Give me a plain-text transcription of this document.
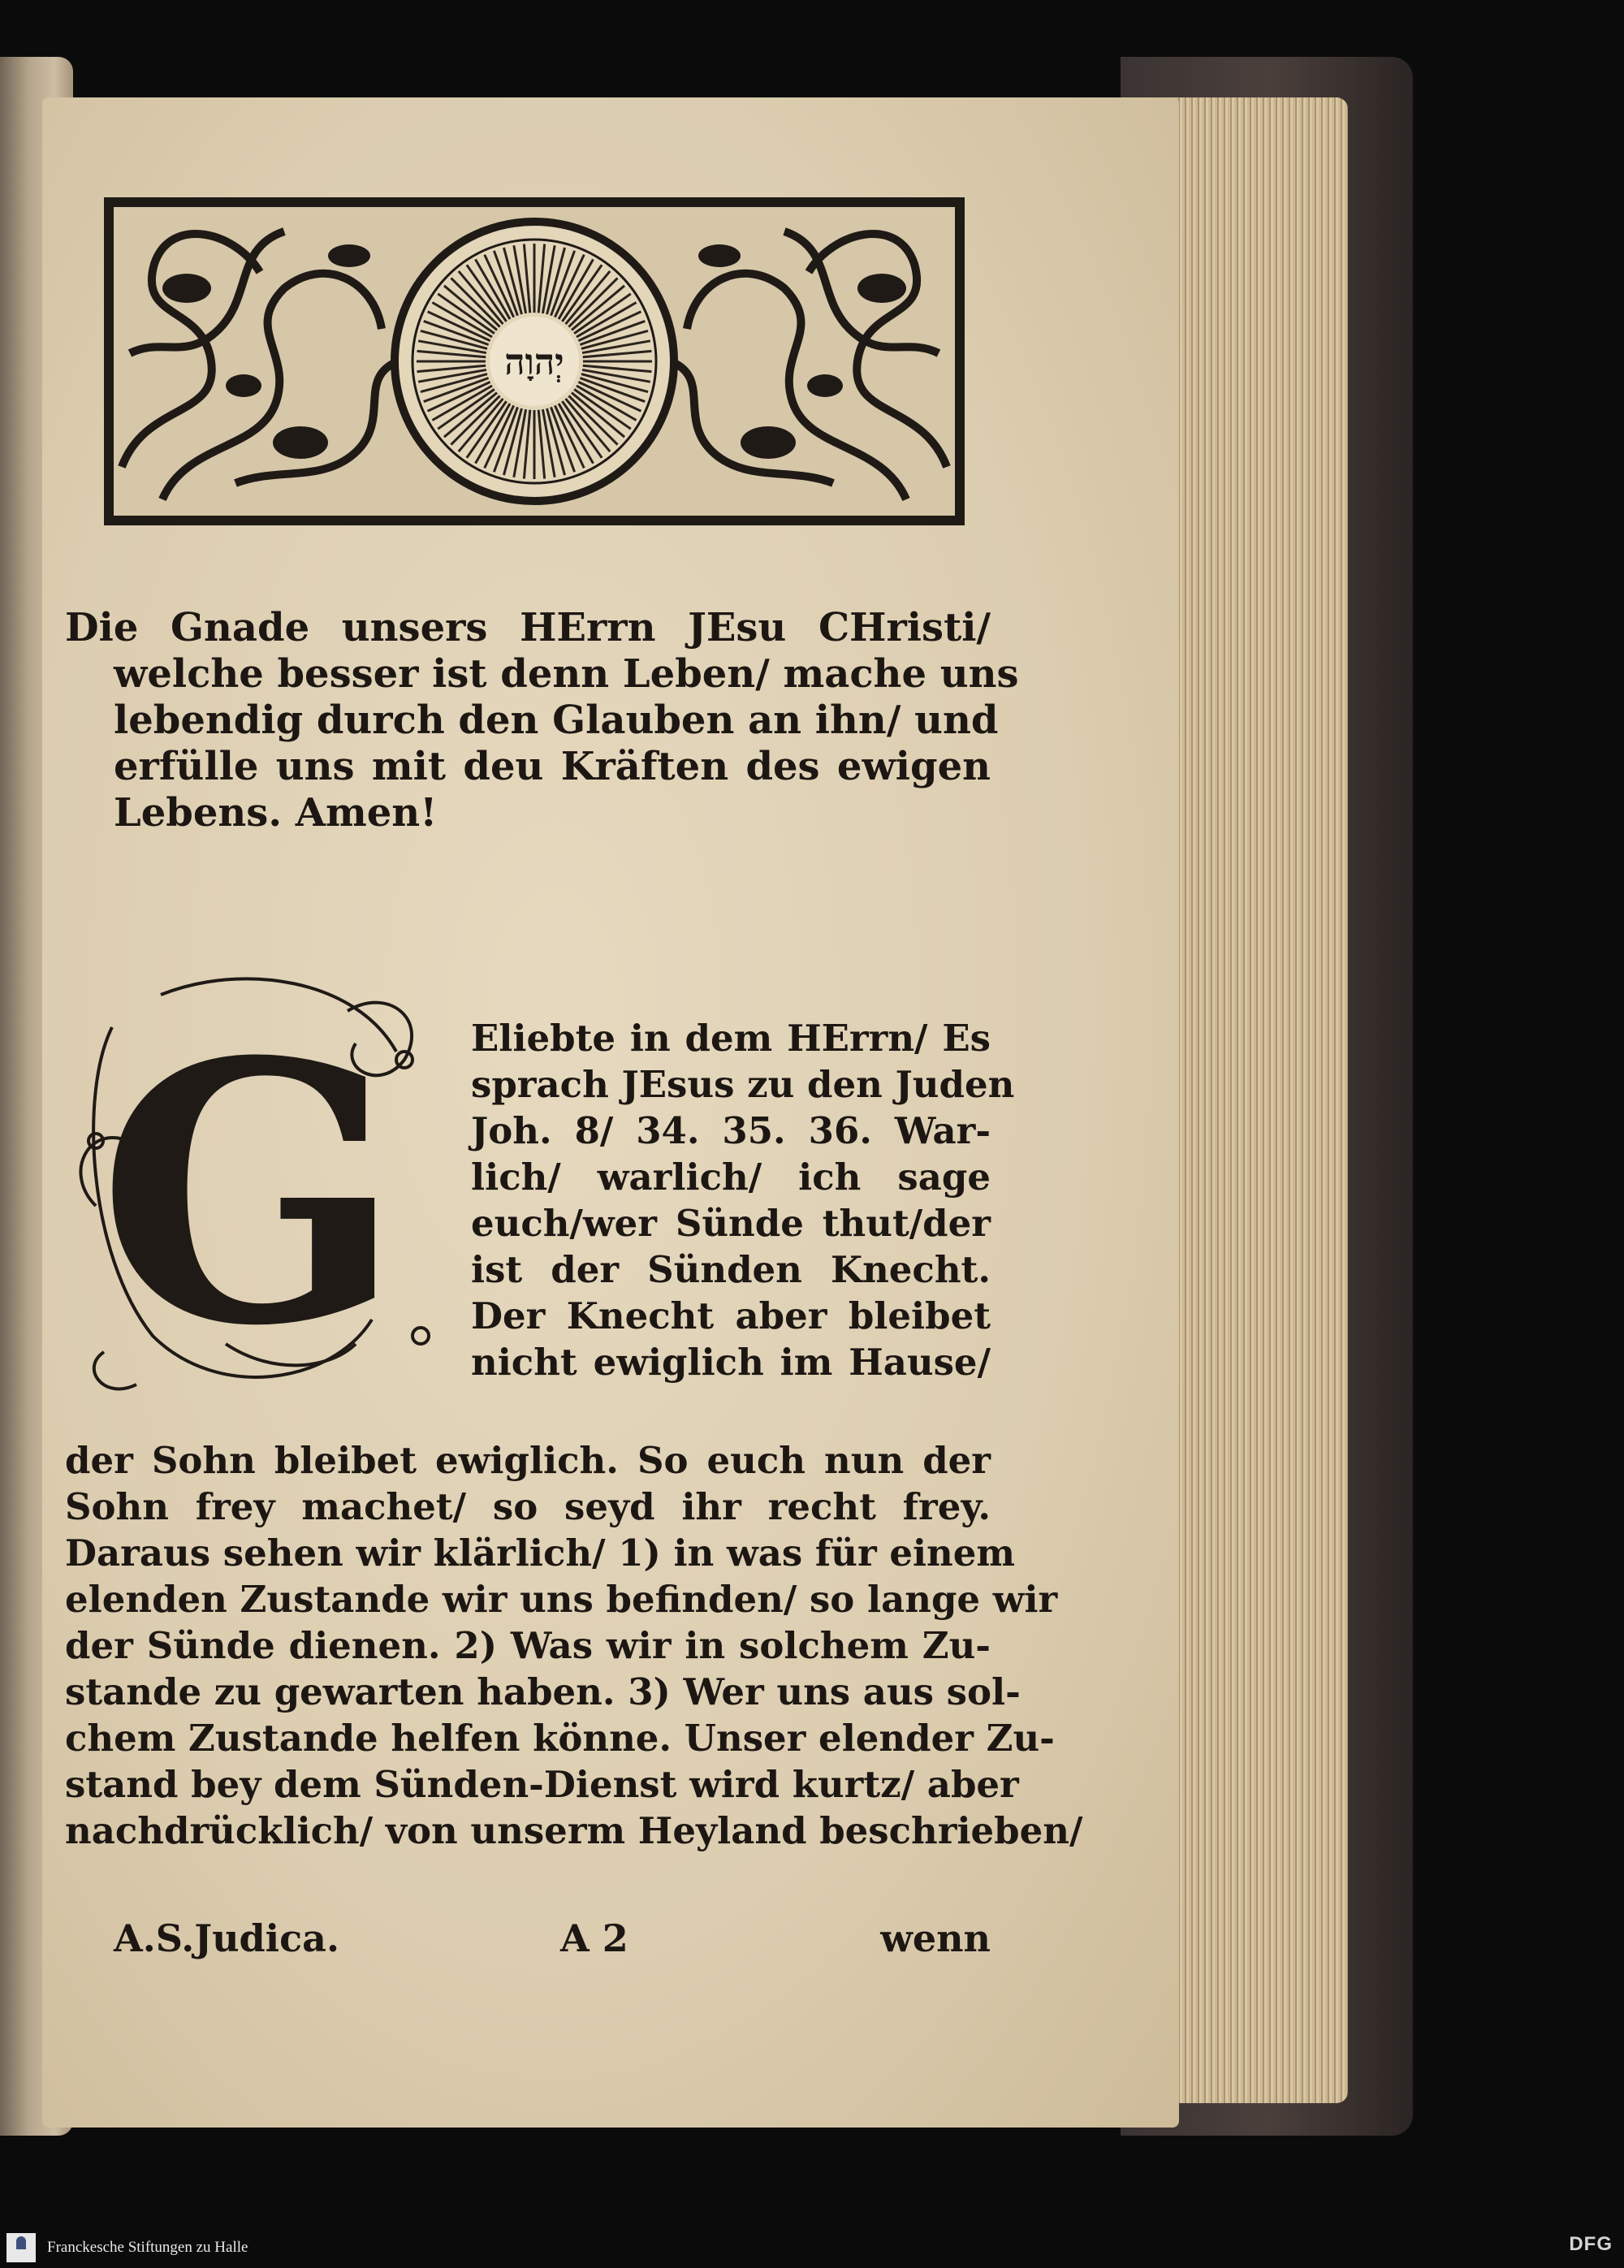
יְהוָה
Die Gnade unsers HErrn JEsu CHristi/
welche besser ist denn Leben/ mache uns
lebendig durch den Glauben an ihn/ und
erfülle uns mit deu Kräften des ewigen
Lebens. Amen!
G Eliebte in dem HErrn/ Es
sprach JEsus zu den Juden
Joh. 8/ 34. 35. 36. War-
lich/ warlich/ ich sage
euch/wer Sünde thut/der
ist der Sünden Knecht.
Der Knecht aber bleibet
nicht ewiglich im Hause/
der Sohn bleibet ewiglich. So euch nun der
Sohn frey machet/ so seyd ihr recht frey.
Daraus sehen wir klärlich/ 1) in was für einem
elenden Zustande wir uns befinden/ so lange wir
der Sünde dienen. 2) Was wir in solchem Zu-
stande zu gewarten haben. 3) Wer uns aus sol-
chem Zustande helfen könne. Unser elender Zu-
stand bey dem Sünden-Dienst wird kurtz/ aber
nachdrücklich/ von unserm Heyland beschrieben/
A.S.Judica.	A 2	wenn
Franckesche Stiftungen zu Halle	DFG
